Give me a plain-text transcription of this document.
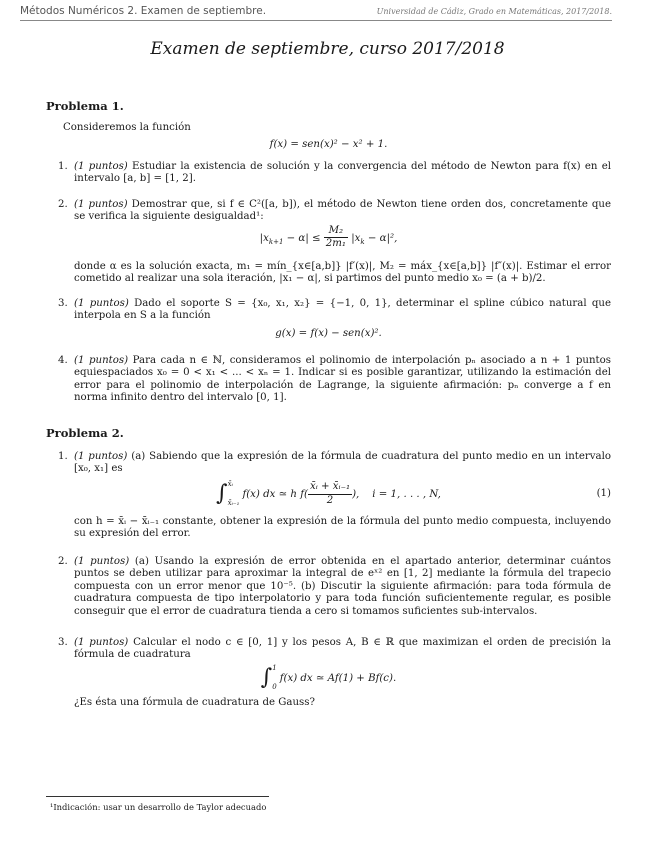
Métodos Numéricos 2. Examen de septiembre.	Universidad de Cádiz, Grado en Matemáticas, 2017/2018.
Examen de septiembre, curso 2017/2018
Problema 1.
Consideremos la función
f(x) = sen(x)² − x² + 1.
1. (1 puntos) Estudiar la existencia de solución y la convergencia del método de Newton para f(x) en el intervalo [a, b] = [1, 2].
2. (1 puntos) Demostrar que, si f ∈ C²([a, b]), el método de Newton tiene orden dos, concretamente que se verifica la siguiente desigualdad¹:
$|x_{k+1} - \alpha| \le \frac{\text{M₂}}{\text{2m₁}} |x_k - \alpha|^2$,
donde α es la solución exacta, m₁ = mín_{x∈[a,b]} |f′(x)|, M₂ = máx_{x∈[a,b]} |f″(x)|. Estimar el error cometido al realizar una sola iteración, |x₁ − α|, si partimos del punto medio x₀ = (a + b)/2.
3. (1 puntos) Dado el soporte S = {x₀, x₁, x₂} = {−1, 0, 1}, determinar el spline cúbico natural que interpola en S a la función
g(x) = f(x) − sen(x)².
4. (1 puntos) Para cada n ∈ ℕ, consideramos el polinomio de interpolación pₙ asociado a n + 1 puntos equiespaciados x₀ = 0 < x₁ < ... < xₙ = 1. Indicar si es posible garantizar, utilizando la estimación del error para el polinomio de interpolación de Lagrange, la siguiente afirmación: pₙ converge a f en norma infinito dentro del intervalo [0, 1].
Problema 2.
1. (1 puntos) (a) Sabiendo que la expresión de la fórmula de cuadratura del punto medio en un intervalo [x₀, x₁] es
∫ x̄ᵢ
x̄ᵢ₋₁
f(x) dx ≃ h $f( \frac{\text{x̄ᵢ + x̄ᵢ₋₁}}{2}$ ),    i = 1, . . . , N,	(1)
con h = x̄ᵢ − x̄ᵢ₋₁ constante, obtener la expresión de la fórmula del punto medio compuesta, incluyendo su expresión del error.
2. (1 puntos) (a) Usando la expresión de error obtenida en el apartado anterior, determinar cuántos puntos se deben utilizar para aproximar la integral de eˣ² en [1, 2] mediante la fórmula del trapecio compuesta con un error menor que 10⁻⁵. (b) Discutir la siguiente afirmación: para toda fórmula de cuadratura compuesta de tipo interpolatorio y para toda función suficientemente regular, es posible conseguir que el error de cuadratura tienda a cero si tomamos suficientes sub-intervalos.
3. (1 puntos) Calcular el nodo c ∈ [0, 1] y los pesos A, B ∈ ℝ que maximizan el orden de precisión la fórmula de cuadratura
∫ 1
0
f(x) dx ≃ Af(1) + Bf(c).
¿Es ésta una fórmula de cuadratura de Gauss?
¹Indicación: usar un desarrollo de Taylor adecuado
